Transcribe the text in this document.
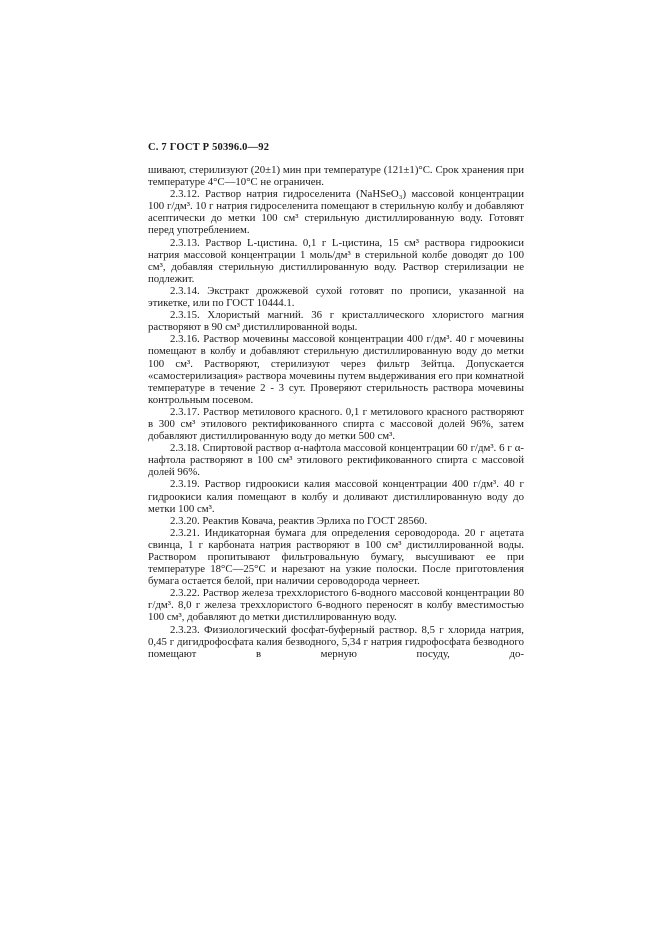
С. 7 ГОСТ Р 50396.0—92

шивают, стерилизуют (20±1) мин при температуре (121±1)°С. Срок хранения при температуре 4°С—10°С не ограничен.

2.3.12. Раствор натрия гидроселенита (NaHSeO₃) массовой концентрации 100 г/дм³. 10 г натрия гидроселенита помещают в стерильную колбу и добавляют асептически до метки 100 см³ стерильную дистиллированную воду. Готовят перед употреблением.

2.3.13. Раствор L-цистина. 0,1 г L-цистина, 15 см³ раствора гидроокиси натрия массовой концентрации 1 моль/дм³ в стерильной колбе доводят до 100 см³, добавляя стерильную дистиллированную воду. Раствор стерилизации не подлежит.

2.3.14. Экстракт дрожжевой сухой готовят по прописи, указанной на этикетке, или по ГОСТ 10444.1.

2.3.15. Хлористый магний. 36 г кристаллического хлористого магния растворяют в 90 см³ дистиллированной воды.

2.3.16. Раствор мочевины массовой концентрации 400 г/дм³. 40 г мочевины помещают в колбу и добавляют стерильную дистиллированную воду до метки 100 см³. Растворяют, стерилизуют через фильтр Зейтца. Допускается «самостерилизация» раствора мочевины путем выдерживания его при комнатной температуре в течение 2 - 3 сут. Проверяют стерильность раствора мочевины контрольным посевом.

2.3.17. Раствор метилового красного. 0,1 г метилового красного растворяют в 300 см³ этилового ректификованного спирта с массовой долей 96%, затем добавляют дистиллированную воду до метки 500 см³.

2.3.18. Спиртовой раствор α-нафтола массовой концентрации 60 г/дм³. 6 г α-нафтола растворяют в 100 см³ этилового ректификованного спирта с массовой долей 96%.

2.3.19. Раствор гидроокиси калия массовой концентрации 400 г/дм³. 40 г гидроокиси калия помещают в колбу и доливают дистиллированную воду до метки 100 см³.

2.3.20. Реактив Ковача, реактив Эрлиха по ГОСТ 28560.

2.3.21. Индикаторная бумага для определения сероводорода. 20 г ацетата свинца, 1 г карбоната натрия растворяют в 100 см³ дистиллированной воды. Раствором пропитывают фильтровальную бумагу, высушивают ее при температуре 18°С—25°С и нарезают на узкие полоски. После приготовления бумага остается белой, при наличии сероводорода чернеет.

2.3.22. Раствор железа треххлористого 6-водного массовой концентрации 80 г/дм³. 8,0 г железа треххлористого 6-водного переносят в колбу вместимостью 100 см³, добавляют до метки дистиллированную воду.

2.3.23. Физиологический фосфат-буферный раствор. 8,5 г хлорида натрия, 0,45 г дигидрофосфата калия безводного, 5,34 г натрия гидрофосфата безводного помещают в мерную посуду, до-
